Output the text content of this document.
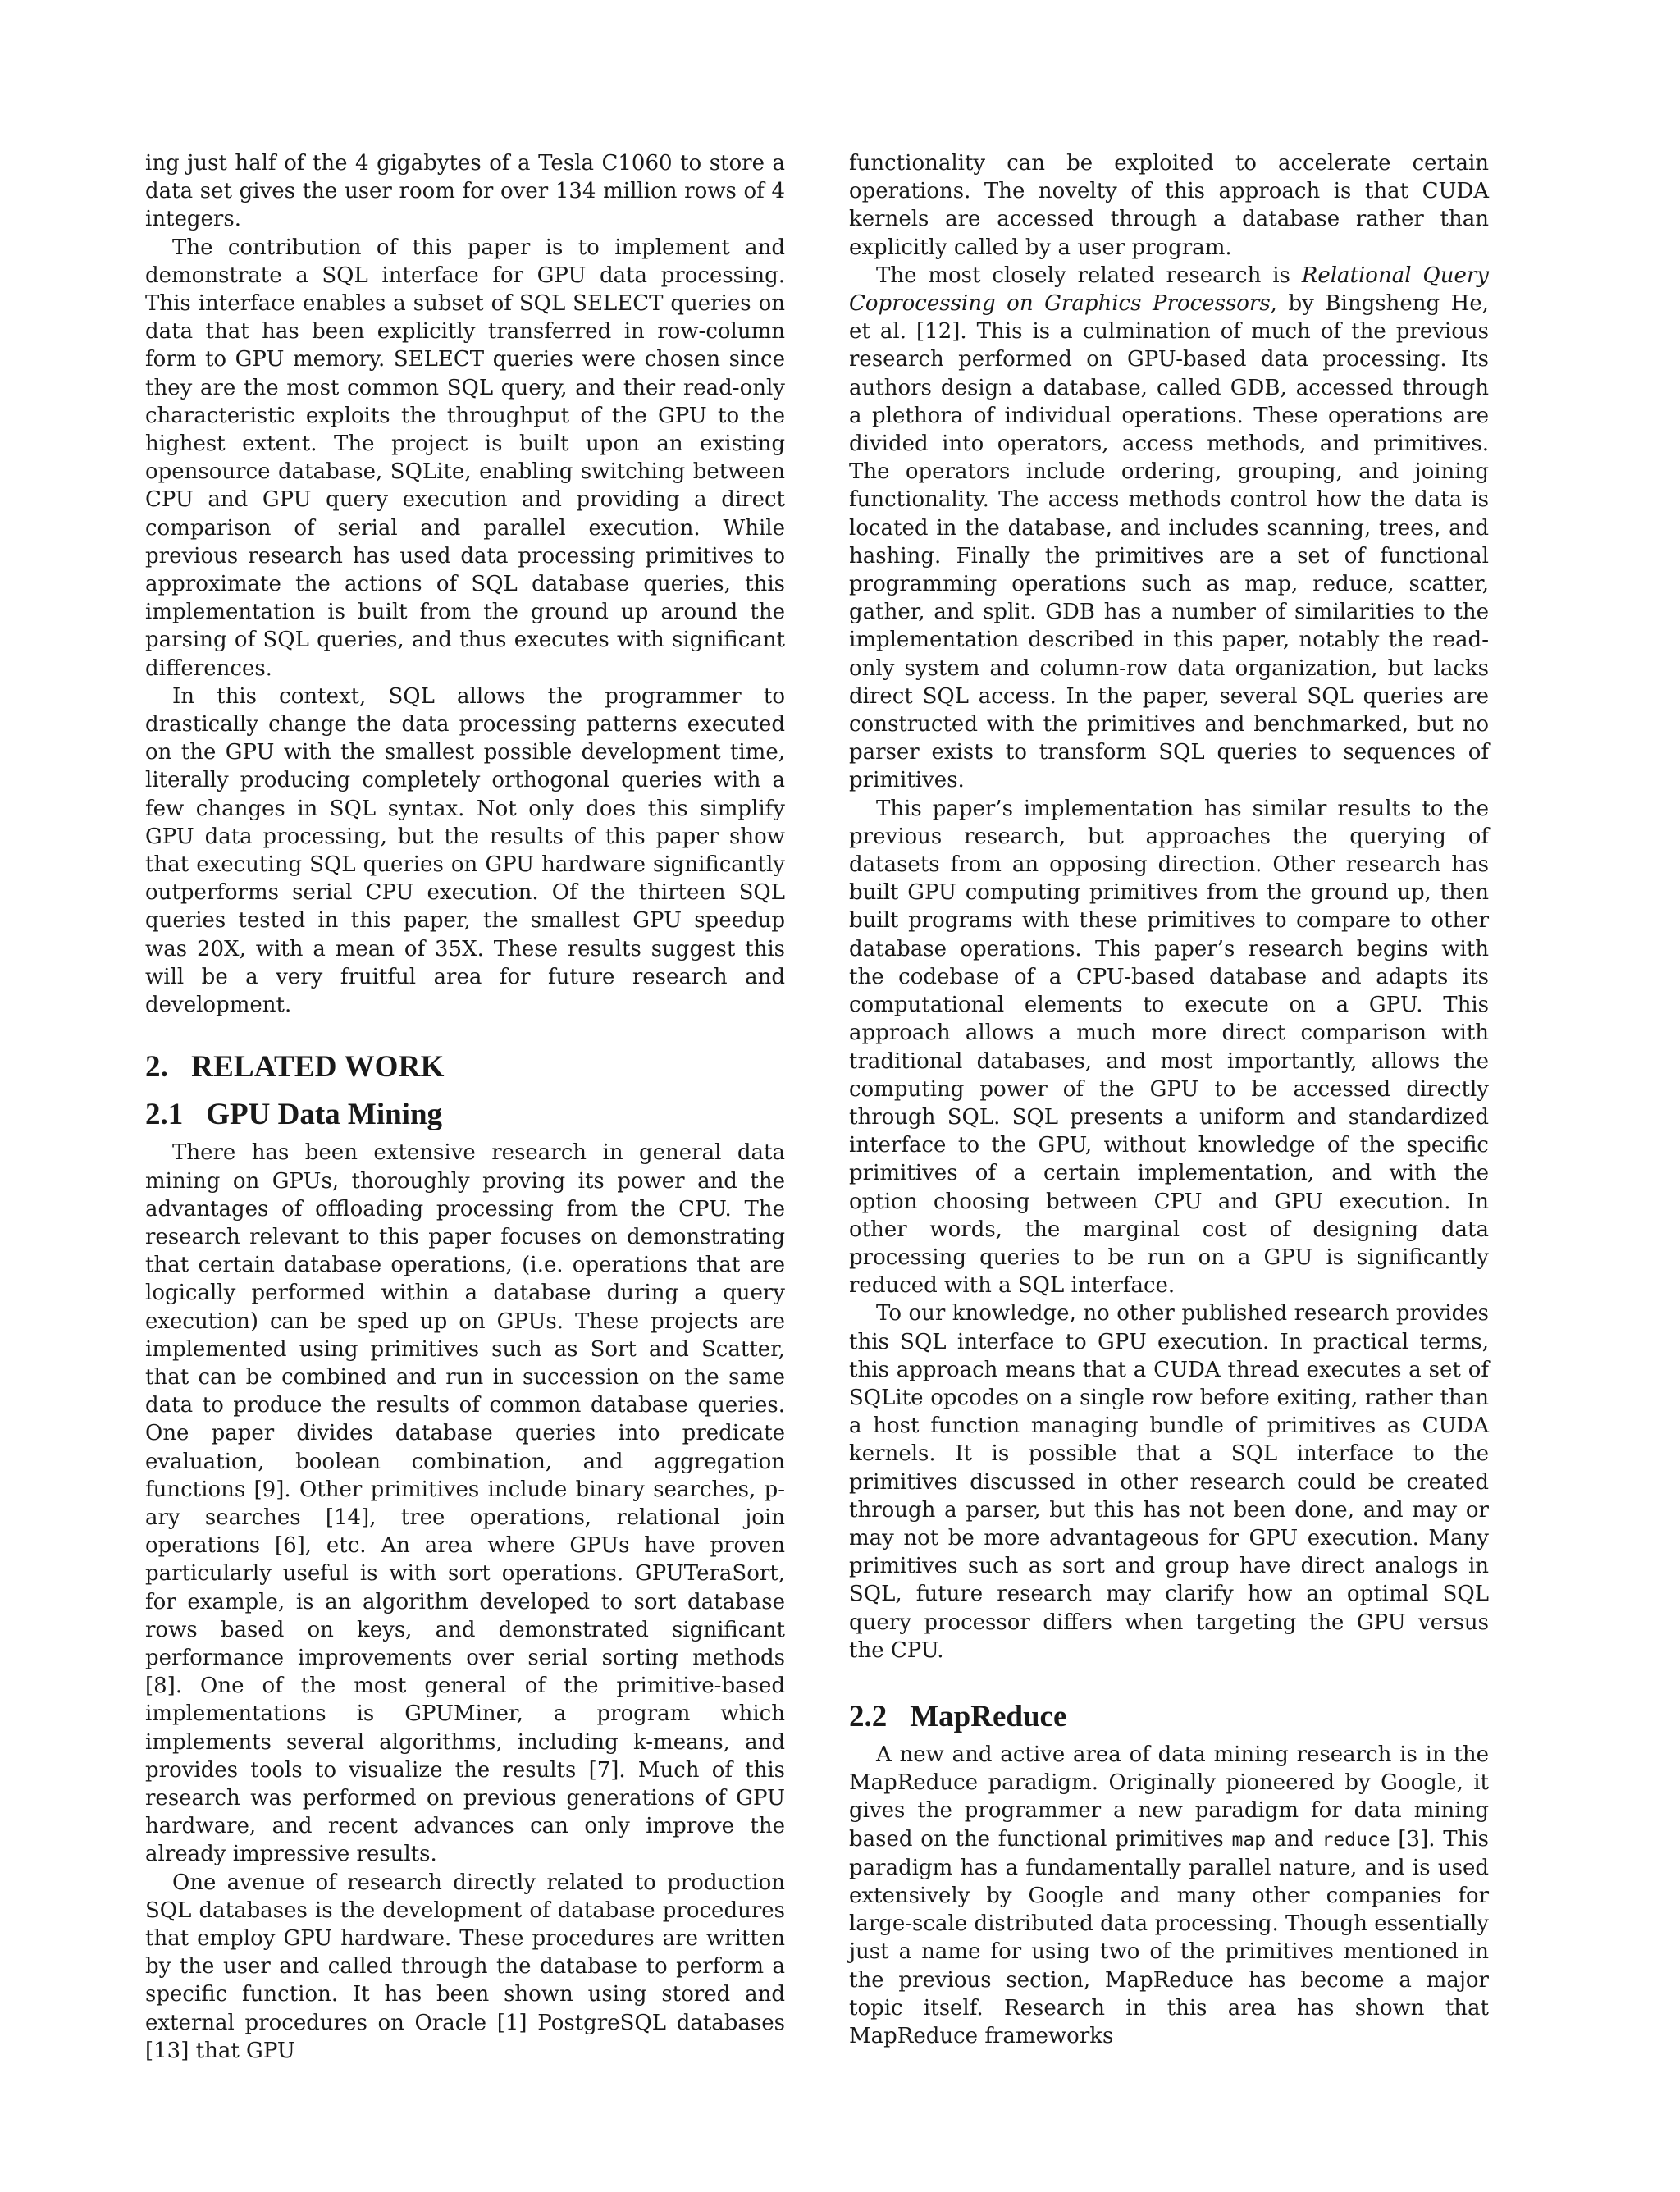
ing just half of the 4 gigabytes of a Tesla C1060 to store a data set gives the user room for over 134 million rows of 4 integers.

The contribution of this paper is to implement and demonstrate a SQL interface for GPU data processing. This interface enables a subset of SQL SELECT queries on data that has been explicitly transferred in row-column form to GPU memory. SELECT queries were chosen since they are the most common SQL query, and their read-only characteristic exploits the throughput of the GPU to the highest extent. The project is built upon an existing opensource database, SQLite, enabling switching between CPU and GPU query execution and providing a direct comparison of serial and parallel execution. While previous research has used data processing primitives to approximate the actions of SQL database queries, this implementation is built from the ground up around the parsing of SQL queries, and thus executes with significant differences.

In this context, SQL allows the programmer to drastically change the data processing patterns executed on the GPU with the smallest possible development time, literally producing completely orthogonal queries with a few changes in SQL syntax. Not only does this simplify GPU data processing, but the results of this paper show that executing SQL queries on GPU hardware significantly outperforms serial CPU execution. Of the thirteen SQL queries tested in this paper, the smallest GPU speedup was 20X, with a mean of 35X. These results suggest this will be a very fruitful area for future research and development.

2. RELATED WORK
2.1 GPU Data Mining

There has been extensive research in general data mining on GPUs, thoroughly proving its power and the advantages of offloading processing from the CPU. The research relevant to this paper focuses on demonstrating that certain database operations, (i.e. operations that are logically performed within a database during a query execution) can be sped up on GPUs. These projects are implemented using primitives such as Sort and Scatter, that can be combined and run in succession on the same data to produce the results of common database queries. One paper divides database queries into predicate evaluation, boolean combination, and aggregation functions [9]. Other primitives include binary searches, p-ary searches [14], tree operations, relational join operations [6], etc. An area where GPUs have proven particularly useful is with sort operations. GPUTeraSort, for example, is an algorithm developed to sort database rows based on keys, and demonstrated significant performance improvements over serial sorting methods [8]. One of the most general of the primitive-based implementations is GPUMiner, a program which implements several algorithms, including k-means, and provides tools to visualize the results [7]. Much of this research was performed on previous generations of GPU hardware, and recent advances can only improve the already impressive results.

One avenue of research directly related to production SQL databases is the development of database procedures that employ GPU hardware. These procedures are written by the user and called through the database to perform a specific function. It has been shown using stored and external procedures on Oracle [1] PostgreSQL databases [13] that GPU

functionality can be exploited to accelerate certain operations. The novelty of this approach is that CUDA kernels are accessed through a database rather than explicitly called by a user program.

The most closely related research is Relational Query Coprocessing on Graphics Processors, by Bingsheng He, et al. [12]. This is a culmination of much of the previous research performed on GPU-based data processing. Its authors design a database, called GDB, accessed through a plethora of individual operations. These operations are divided into operators, access methods, and primitives. The operators include ordering, grouping, and joining functionality. The access methods control how the data is located in the database, and includes scanning, trees, and hashing. Finally the primitives are a set of functional programming operations such as map, reduce, scatter, gather, and split. GDB has a number of similarities to the implementation described in this paper, notably the read-only system and column-row data organization, but lacks direct SQL access. In the paper, several SQL queries are constructed with the primitives and benchmarked, but no parser exists to transform SQL queries to sequences of primitives.

This paper’s implementation has similar results to the previous research, but approaches the querying of datasets from an opposing direction. Other research has built GPU computing primitives from the ground up, then built programs with these primitives to compare to other database operations. This paper’s research begins with the codebase of a CPU-based database and adapts its computational elements to execute on a GPU. This approach allows a much more direct comparison with traditional databases, and most importantly, allows the computing power of the GPU to be accessed directly through SQL. SQL presents a uniform and standardized interface to the GPU, without knowledge of the specific primitives of a certain implementation, and with the option choosing between CPU and GPU execution. In other words, the marginal cost of designing data processing queries to be run on a GPU is significantly reduced with a SQL interface.

To our knowledge, no other published research provides this SQL interface to GPU execution. In practical terms, this approach means that a CUDA thread executes a set of SQLite opcodes on a single row before exiting, rather than a host function managing bundle of primitives as CUDA kernels. It is possible that a SQL interface to the primitives discussed in other research could be created through a parser, but this has not been done, and may or may not be more advantageous for GPU execution. Many primitives such as sort and group have direct analogs in SQL, future research may clarify how an optimal SQL query processor differs when targeting the GPU versus the CPU.

2.2 MapReduce

A new and active area of data mining research is in the MapReduce paradigm. Originally pioneered by Google, it gives the programmer a new paradigm for data mining based on the functional primitives map and reduce [3]. This paradigm has a fundamentally parallel nature, and is used extensively by Google and many other companies for large-scale distributed data processing. Though essentially just a name for using two of the primitives mentioned in the previous section, MapReduce has become a major topic itself. Research in this area has shown that MapReduce frameworks
